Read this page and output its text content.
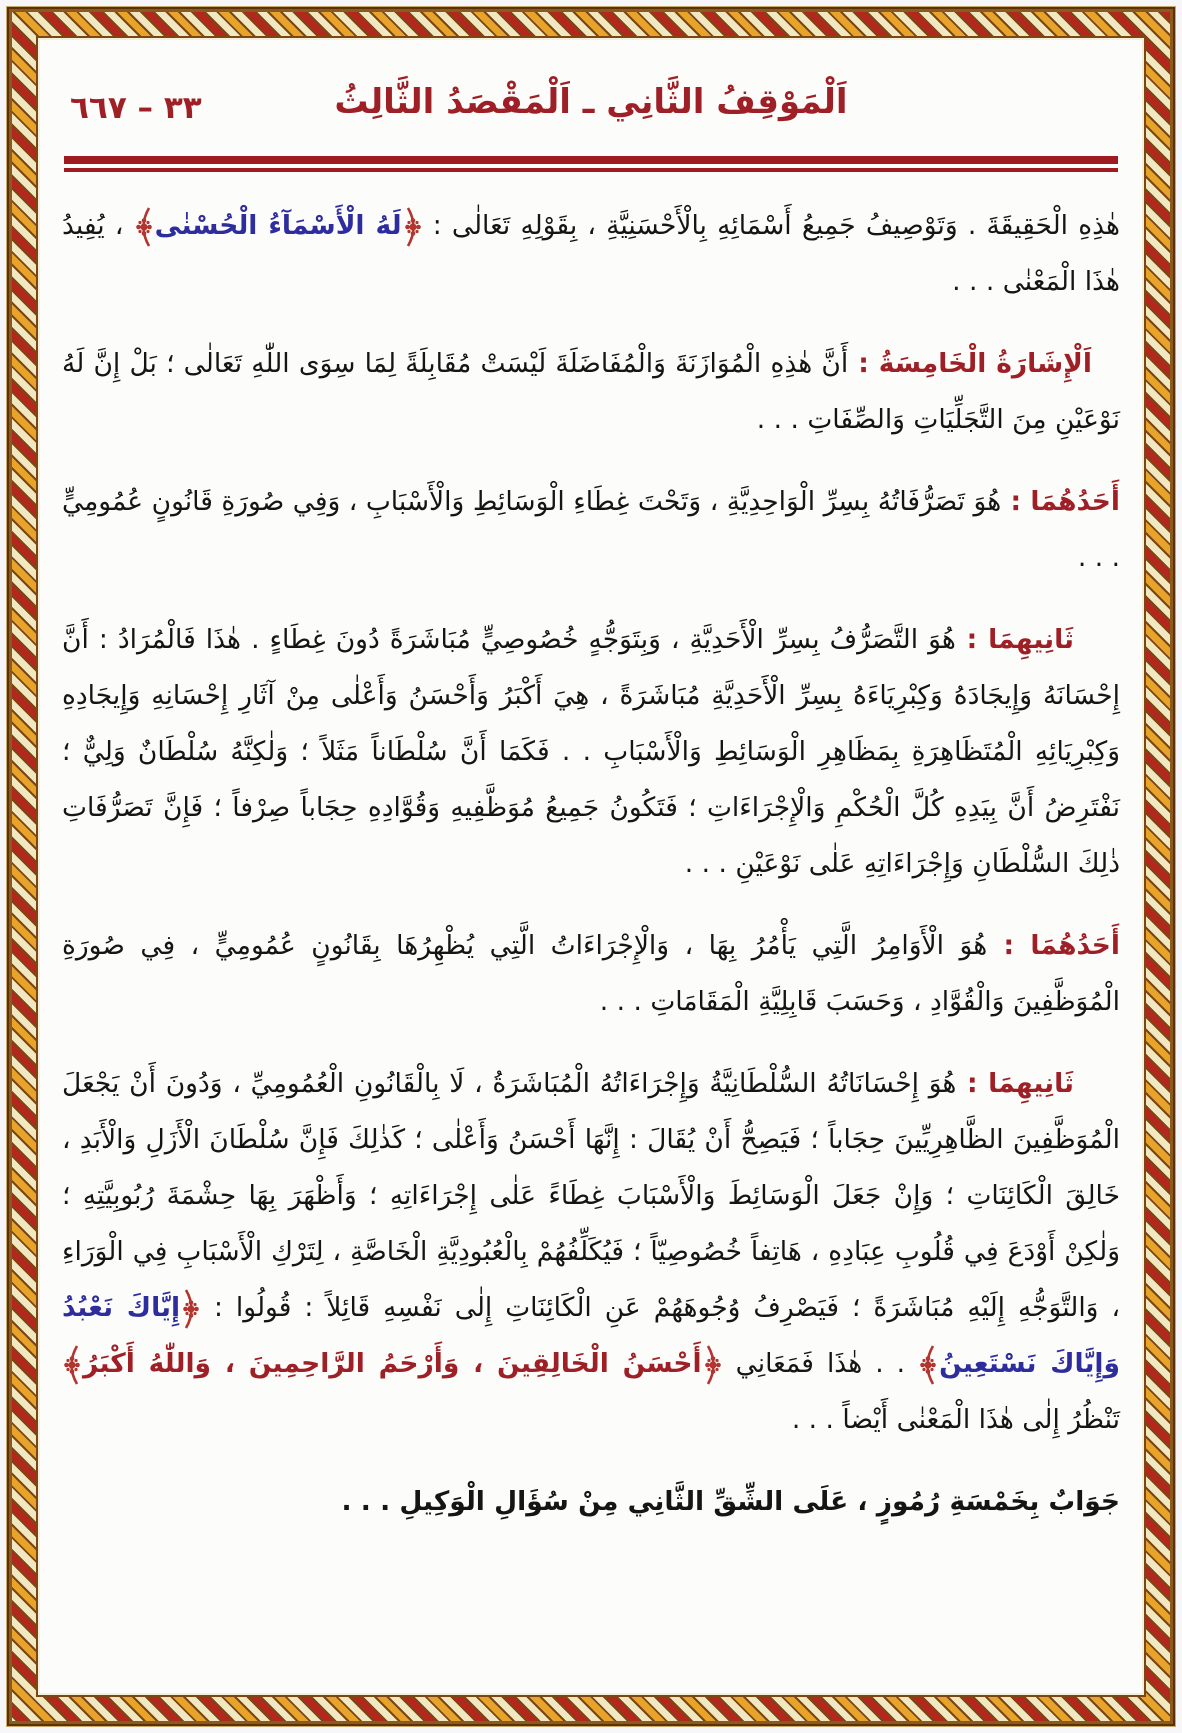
٣٣ – ٦٦٧	اَلْمَوْقِفُ الثَّانِي ـ اَلْمَقْصَدُ الثَّالِثُ

هٰذِهِ الْحَقِيقَةَ . وَتَوْصِيفُ جَمِيعُ أَسْمَائِهِ بِالْأَحْسَنِيَّةِ ، بِقَوْلِهِ تَعَالٰى : لَهُ الْأَسْمَآءُ الْحُسْنٰى ، يُفِيدُ هٰذَا الْمَعْنٰى . . .

اَلْإِشَارَةُ الْخَامِسَةُ : أَنَّ هٰذِهِ الْمُوَازَنَةَ وَالْمُفَاضَلَةَ لَيْسَتْ مُقَابِلَةً لِمَا سِوَى اللّٰهِ تَعَالٰى ؛ بَلْ إِنَّ لَهُ نَوْعَيْنِ مِنَ التَّجَلِّيَاتِ وَالصِّفَاتِ . . .

أَحَدُهُمَا : هُوَ تَصَرُّفَاتُهُ بِسِرِّ الْوَاحِدِيَّةِ ، وَتَحْتَ غِطَاءِ الْوَسَائِطِ وَالْأَسْبَابِ ، وَفِي صُورَةِ قَانُونٍ عُمُومِيٍّ . . .

ثَانِيهِمَا : هُوَ التَّصَرُّفُ بِسِرِّ الْأَحَدِيَّةِ ، وَبِتَوَجُّهٍ خُصُوصِيٍّ مُبَاشَرَةً دُونَ غِطَاءٍ . هٰذَا فَالْمُرَادُ : أَنَّ إِحْسَانَهُ وَإِيجَادَهُ وَكِبْرِيَاءَهُ بِسِرِّ الْأَحَدِيَّةِ مُبَاشَرَةً ، هِيَ أَكْبَرُ وَأَحْسَنُ وَأَعْلٰى مِنْ آثَارِ إِحْسَانِهِ وَإِيجَادِهِ وَكِبْرِيَائِهِ الْمُتَظَاهِرَةِ بِمَظَاهِرِ الْوَسَائِطِ وَالْأَسْبَابِ . . فَكَمَا أَنَّ سُلْطَاناً مَثَلاً ؛ وَلٰكِنَّهُ سُلْطَانٌ وَلِيٌّ ؛ نَفْتَرِضُ أَنَّ بِيَدِهِ كُلَّ الْحُكْمِ وَالْإِجْرَاءَاتِ ؛ فَتَكُونُ جَمِيعُ مُوَظَّفِيهِ وَقُوَّادِهِ حِجَاباً صِرْفاً ؛ فَإِنَّ تَصَرُّفَاتِ ذٰلِكَ السُّلْطَانِ وَإِجْرَاءَاتِهِ عَلٰى نَوْعَيْنِ . . .

أَحَدُهُمَا : هُوَ الْأَوَامِرُ الَّتِي يَأْمُرُ بِهَا ، وَالْإِجْرَاءَاتُ الَّتِي يُظْهِرُهَا بِقَانُونٍ عُمُومِيٍّ ، فِي صُورَةِ الْمُوَظَّفِينَ وَالْقُوَّادِ ، وَحَسَبَ قَابِلِيَّةِ الْمَقَامَاتِ . . .

ثَانِيهِمَا : هُوَ إِحْسَانَاتُهُ السُّلْطَانِيَّةُ وَإِجْرَاءَاتُهُ الْمُبَاشَرَةُ ، لَا بِالْقَانُونِ الْعُمُومِيِّ ، وَدُونَ أَنْ يَجْعَلَ الْمُوَظَّفِينَ الظَّاهِرِيِّينَ حِجَاباً ؛ فَيَصِحُّ أَنْ يُقَالَ : إِنَّهَا أَحْسَنُ وَأَعْلٰى ؛ كَذٰلِكَ فَإِنَّ سُلْطَانَ الْأَزَلِ وَالْأَبَدِ ، خَالِقَ الْكَائِنَاتِ ؛ وَإِنْ جَعَلَ الْوَسَائِطَ وَالْأَسْبَابَ غِطَاءً عَلٰى إِجْرَاءَاتِهِ ؛ وَأَظْهَرَ بِهَا حِشْمَةَ رُبُوبِيَّتِهِ ؛ وَلٰكِنْ أَوْدَعَ فِي قُلُوبِ عِبَادِهِ ، هَاتِفاً خُصُوصِيّاً ؛ فَيُكَلِّفُهُمْ بِالْعُبُودِيَّةِ الْخَاصَّةِ ، لِتَرْكِ الْأَسْبَابِ فِي الْوَرَاءِ ، وَالتَّوَجُّهِ إِلَيْهِ مُبَاشَرَةً ؛ فَيَصْرِفُ وُجُوهَهُمْ عَنِ الْكَائِنَاتِ إِلٰى نَفْسِهِ قَائِلاً : قُولُوا : إِيَّاكَ نَعْبُدُ وَإِيَّاكَ نَسْتَعِينُ . . هٰذَا فَمَعَانِي أَحْسَنُ الْخَالِقِينَ ، وَأَرْحَمُ الرَّاحِمِينَ ، وَاللّٰهُ أَكْبَرُ تَنْظُرُ إِلٰى هٰذَا الْمَعْنٰى أَيْضاً . . .

جَوَابٌ بِخَمْسَةِ رُمُوزٍ ، عَلَى الشِّقِّ الثَّانِي مِنْ سُؤَالِ الْوَكِيلِ . . .
